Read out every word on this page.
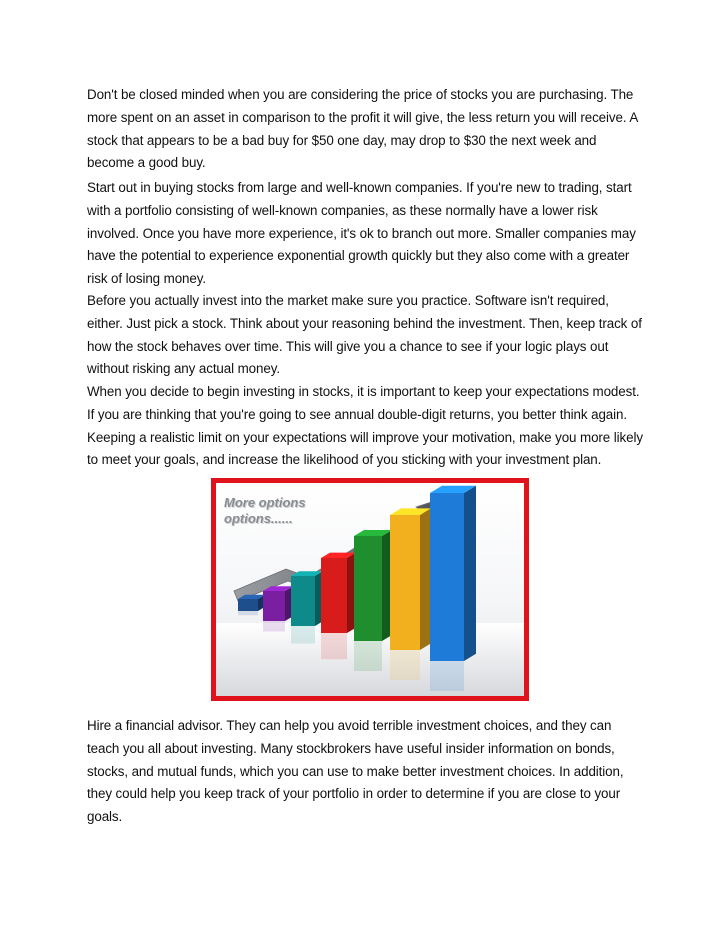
Don't be closed minded when you are considering the price of stocks you are purchasing. The more spent on an asset in comparison to the profit it will give, the less return you will receive. A stock that appears to be a bad buy for $50 one day, may drop to $30 the next week and become a good buy.

Start out in buying stocks from large and well-known companies. If you're new to trading, start with a portfolio consisting of well-known companies, as these normally have a lower risk involved. Once you have more experience, it's ok to branch out more. Smaller companies may have the potential to experience exponential growth quickly but they also come with a greater risk of losing money.

Before you actually invest into the market make sure you practice. Software isn't required, either. Just pick a stock. Think about your reasoning behind the investment. Then, keep track of how the stock behaves over time. This will give you a chance to see if your logic plays out without risking any actual money.

When you decide to begin investing in stocks, it is important to keep your expectations modest. If you are thinking that you're going to see annual double-digit returns, you better think again. Keeping a realistic limit on your expectations will improve your motivation, make you more likely to meet your goals, and increase the likelihood of you sticking with your investment plan.

More options
options......

Hire a financial advisor. They can help you avoid terrible investment choices, and they can teach you all about investing. Many stockbrokers have useful insider information on bonds, stocks, and mutual funds, which you can use to make better investment choices. In addition, they could help you keep track of your portfolio in order to determine if you are close to your goals.
